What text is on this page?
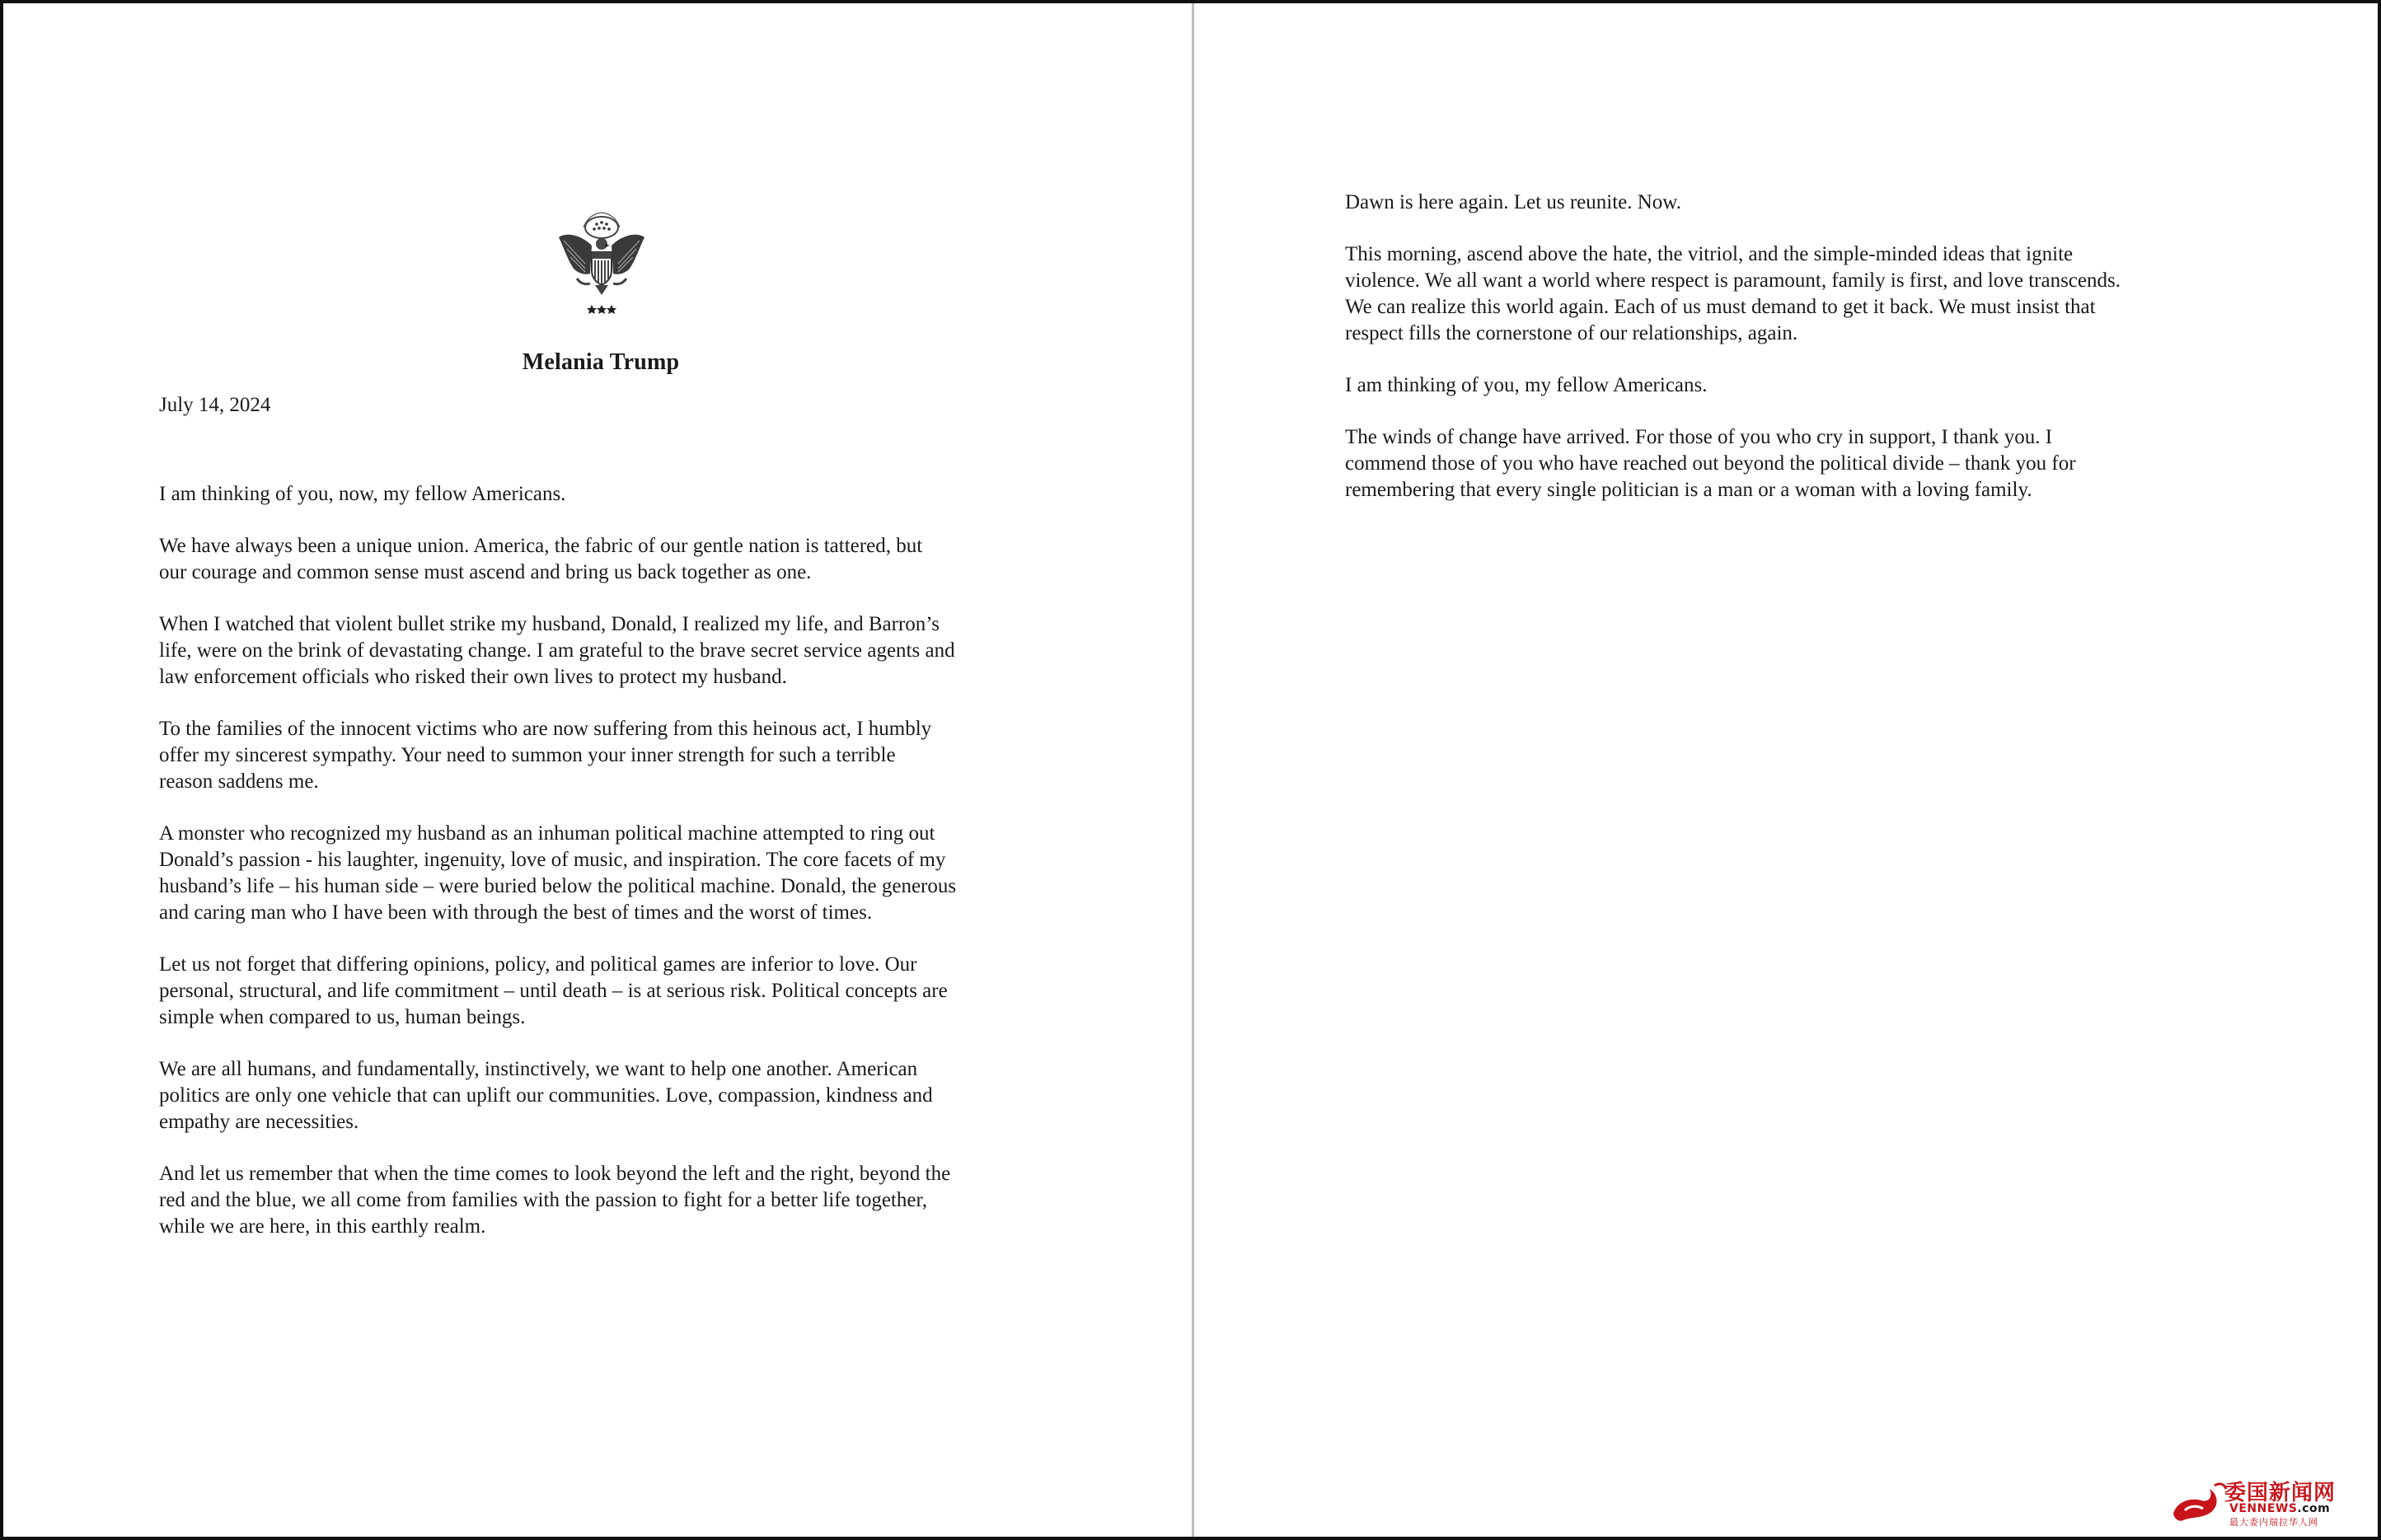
Melania Trump
July 14, 2024

I am thinking of you, now, my fellow Americans.

We have always been a unique union. America, the fabric of our gentle nation is tattered, but
our courage and common sense must ascend and bring us back together as one.

When I watched that violent bullet strike my husband, Donald, I realized my life, and Barron’s
life, were on the brink of devastating change. I am grateful to the brave secret service agents and
law enforcement officials who risked their own lives to protect my husband.

To the families of the innocent victims who are now suffering from this heinous act, I humbly
offer my sincerest sympathy. Your need to summon your inner strength for such a terrible
reason saddens me.

A monster who recognized my husband as an inhuman political machine attempted to ring out
Donald’s passion - his laughter, ingenuity, love of music, and inspiration. The core facets of my
husband’s life – his human side – were buried below the political machine. Donald, the generous
and caring man who I have been with through the best of times and the worst of times.

Let us not forget that differing opinions, policy, and political games are inferior to love. Our
personal, structural, and life commitment – until death – is at serious risk. Political concepts are
simple when compared to us, human beings.

We are all humans, and fundamentally, instinctively, we want to help one another. American
politics are only one vehicle that can uplift our communities. Love, compassion, kindness and
empathy are necessities.

And let us remember that when the time comes to look beyond the left and the right, beyond the
red and the blue, we all come from families with the passion to fight for a better life together,
while we are here, in this earthly realm.

Dawn is here again. Let us reunite. Now.

This morning, ascend above the hate, the vitriol, and the simple-minded ideas that ignite
violence. We all want a world where respect is paramount, family is first, and love transcends.
We can realize this world again. Each of us must demand to get it back. We must insist that
respect fills the cornerstone of our relationships, again.

I am thinking of you, my fellow Americans.

The winds of change have arrived. For those of you who cry in support, I thank you. I
commend those of you who have reached out beyond the political divide – thank you for
remembering that every single politician is a man or a woman with a loving family.

委国新闻网
VENNEWS.com
最大委内瑞拉华人网
